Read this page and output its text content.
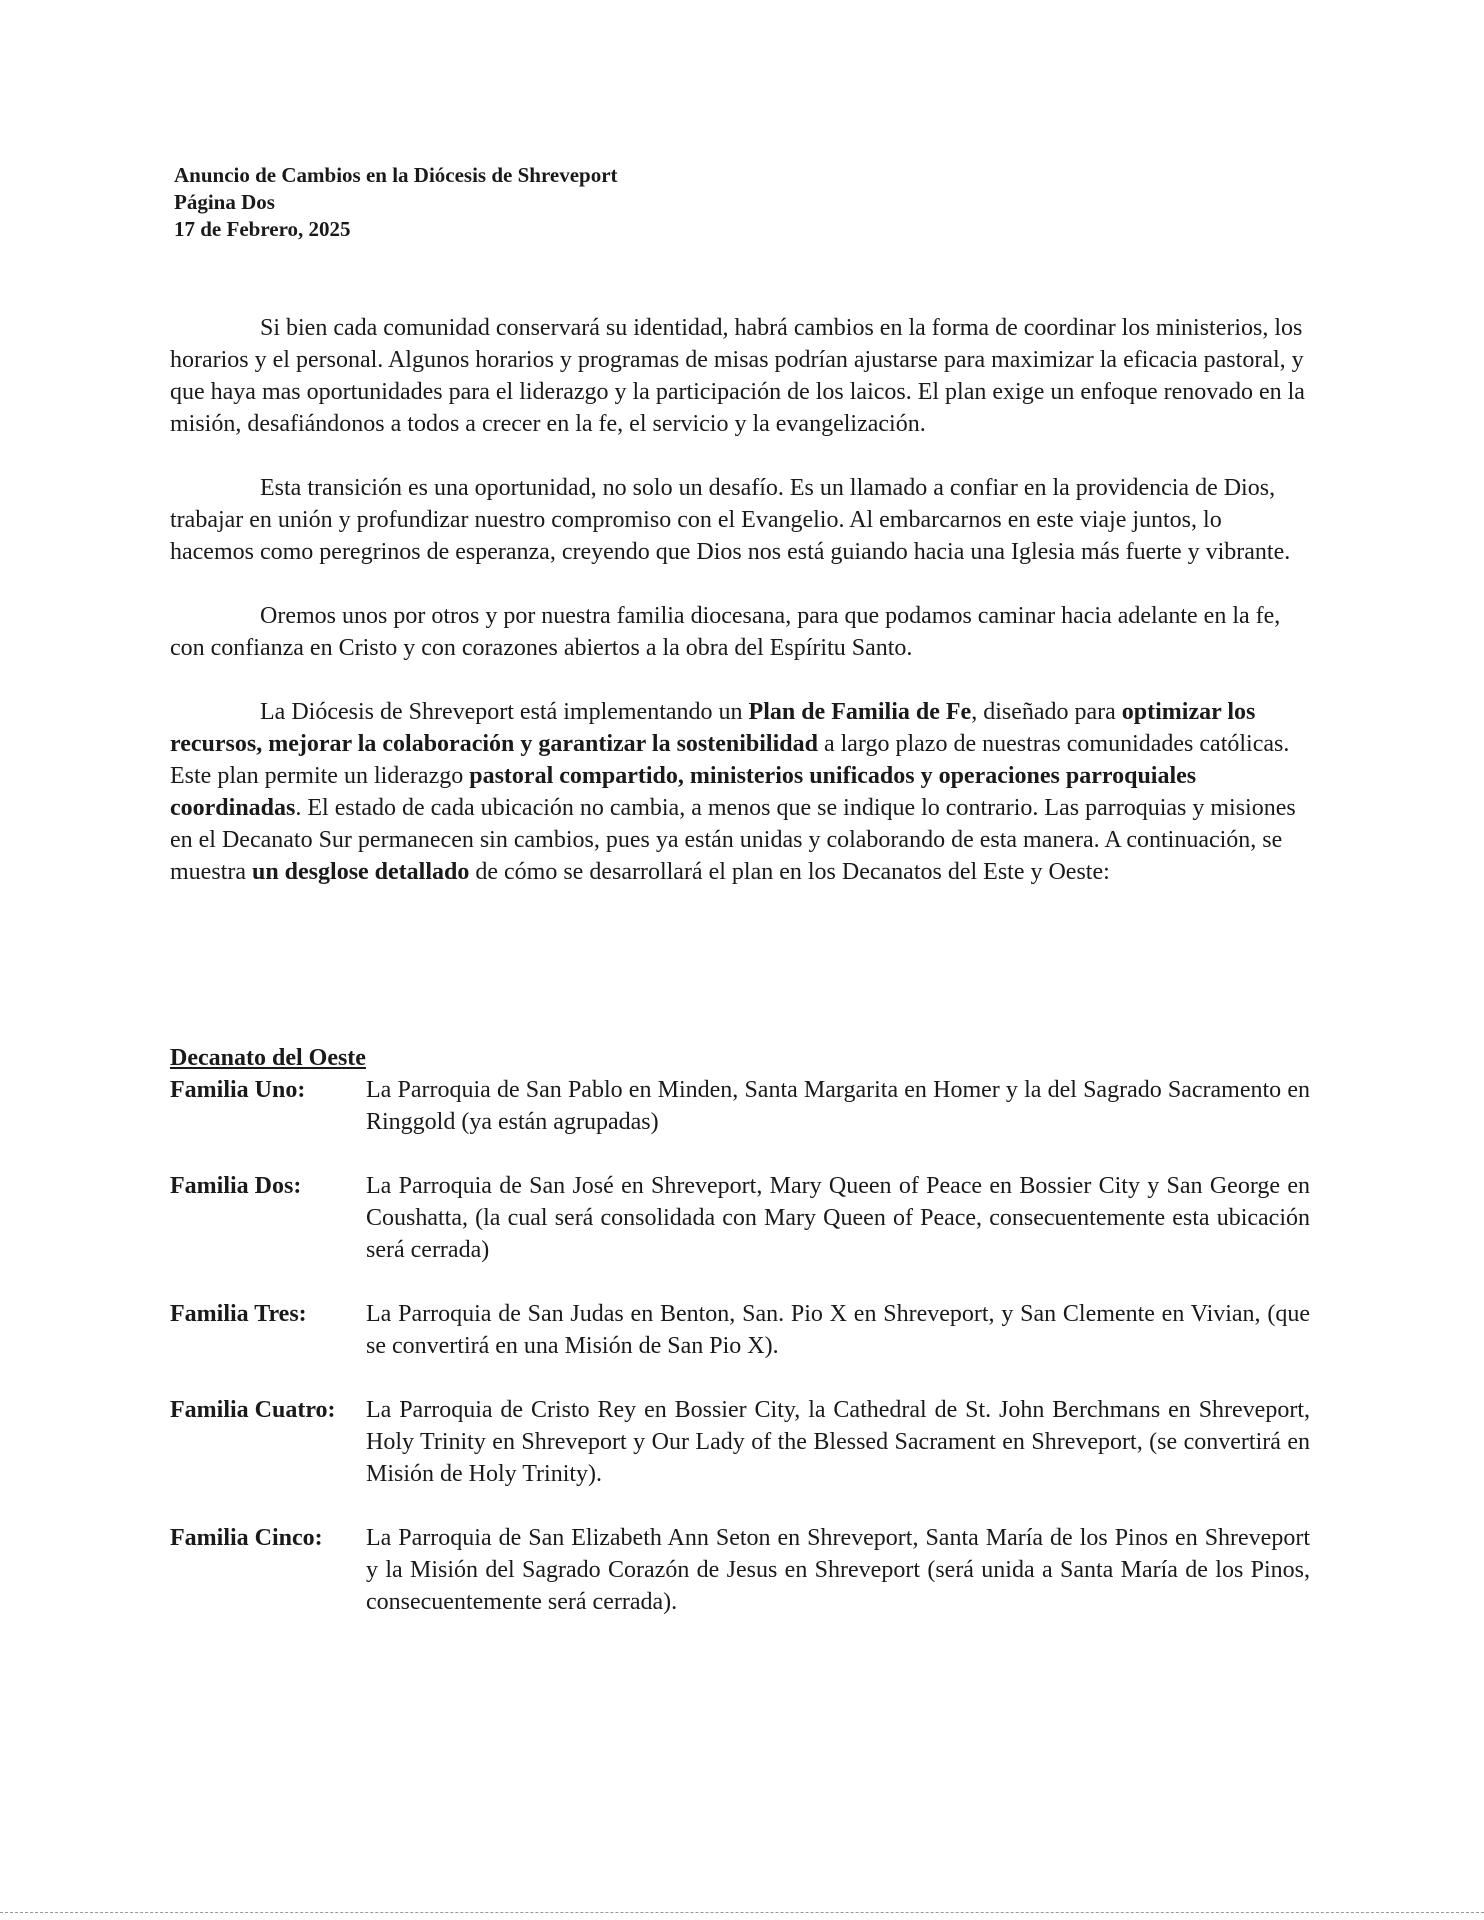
Anuncio de Cambios en la Diócesis de Shreveport
Página Dos
17 de Febrero, 2025

Si bien cada comunidad conservará su identidad, habrá cambios en la forma de coordinar los ministerios, los horarios y el personal. Algunos horarios y programas de misas podrían ajustarse para maximizar la eficacia pastoral, y que haya mas oportunidades para el liderazgo y la participación de los laicos. El plan exige un enfoque renovado en la misión, desafiándonos a todos a crecer en la fe, el servicio y la evangelización.

Esta transición es una oportunidad, no solo un desafío. Es un llamado a confiar en la providencia de Dios, trabajar en unión y profundizar nuestro compromiso con el Evangelio. Al embarcarnos en este viaje juntos, lo hacemos como peregrinos de esperanza, creyendo que Dios nos está guiando hacia una Iglesia más fuerte y vibrante.

Oremos unos por otros y por nuestra familia diocesana, para que podamos caminar hacia adelante en la fe, con confianza en Cristo y con corazones abiertos a la obra del Espíritu Santo.

La Diócesis de Shreveport está implementando un Plan de Familia de Fe, diseñado para optimizar los recursos, mejorar la colaboración y garantizar la sostenibilidad a largo plazo de nuestras comunidades católicas. Este plan permite un liderazgo pastoral compartido, ministerios unificados y operaciones parroquiales coordinadas. El estado de cada ubicación no cambia, a menos que se indique lo contrario. Las parroquias y misiones en el Decanato Sur permanecen sin cambios, pues ya están unidas y colaborando de esta manera. A continuación, se muestra un desglose detallado de cómo se desarrollará el plan en los Decanatos del Este y Oeste:

Decanato del Oeste

Familia Uno:	La Parroquia de San Pablo en Minden, Santa Margarita en Homer y la del Sagrado Sacramento en Ringgold (ya están agrupadas)
Familia Dos:	La Parroquia de San José en Shreveport, Mary Queen of Peace en Bossier City y San George en Coushatta, (la cual será consolidada con Mary Queen of Peace, consecuentemente esta ubicación será cerrada)
Familia Tres:	La Parroquia de San Judas en Benton, San. Pio X en Shreveport, y San Clemente en Vivian, (que se convertirá en una Misión de San Pio X).
Familia Cuatro:	La Parroquia de Cristo Rey en Bossier City, la Cathedral de St. John Berchmans en Shreveport, Holy Trinity en Shreveport y Our Lady of the Blessed Sacrament en Shreveport, (se convertirá en Misión de Holy Trinity).
Familia Cinco:	La Parroquia de San Elizabeth Ann Seton en Shreveport, Santa María de los Pinos en Shreveport y la Misión del Sagrado Corazón de Jesus en Shreveport (será unida a Santa María de los Pinos, consecuentemente será cerrada).
